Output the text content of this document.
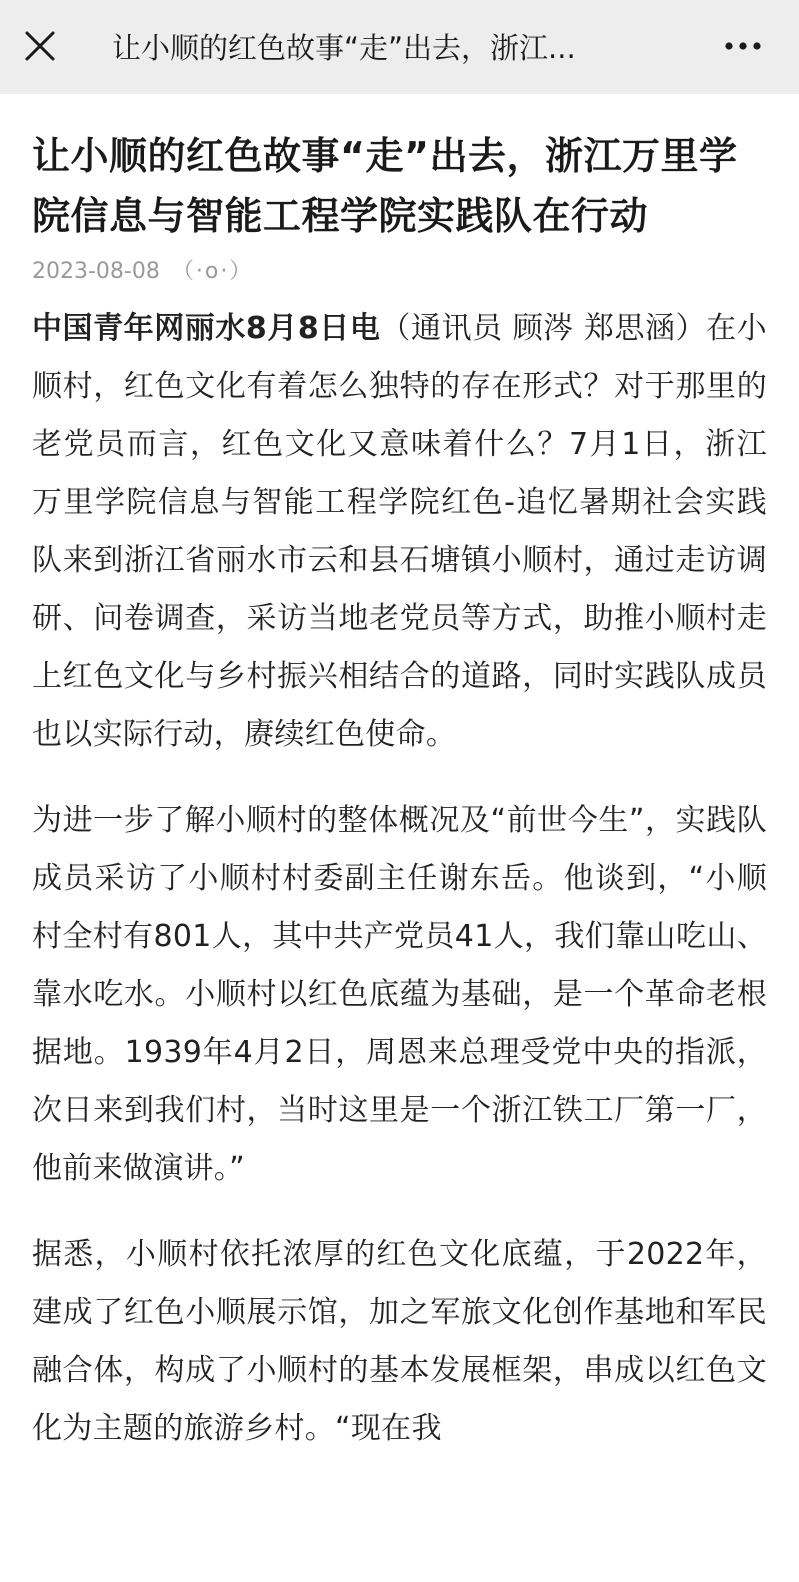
让小顺的红色故事“走”出去，浙江...
让小顺的红色故事“走”出去，浙江万里学院信息与智能工程学院实践队在行动
2023-08-08 （·o·）

中国青年网丽水8月8日电（通讯员 顾涔 郑思涵）在小顺村，红色文化有着怎么独特的存在形式？对于那里的老党员而言，红色文化又意味着什么？7月1日，浙江万里学院信息与智能工程学院红色-追忆暑期社会实践队来到浙江省丽水市云和县石塘镇小顺村，通过走访调研、问卷调查，采访当地老党员等方式，助推小顺村走上红色文化与乡村振兴相结合的道路，同时实践队成员也以实际行动，赓续红色使命。

为进一步了解小顺村的整体概况及“前世今生”，实践队成员采访了小顺村村委副主任谢东岳。他谈到，“小顺村全村有801人，其中共产党员41人，我们靠山吃山、靠水吃水。小顺村以红色底蕴为基础，是一个革命老根据地。1939年4月2日，周恩来总理受党中央的指派，次日来到我们村，当时这里是一个浙江铁工厂第一厂，他前来做演讲。”

据悉，小顺村依托浓厚的红色文化底蕴，于2022年，建成了红色小顺展示馆，加之军旅文化创作基地和军民融合体，构成了小顺村的基本发展框架，串成以红色文化为主题的旅游乡村。“现在我
